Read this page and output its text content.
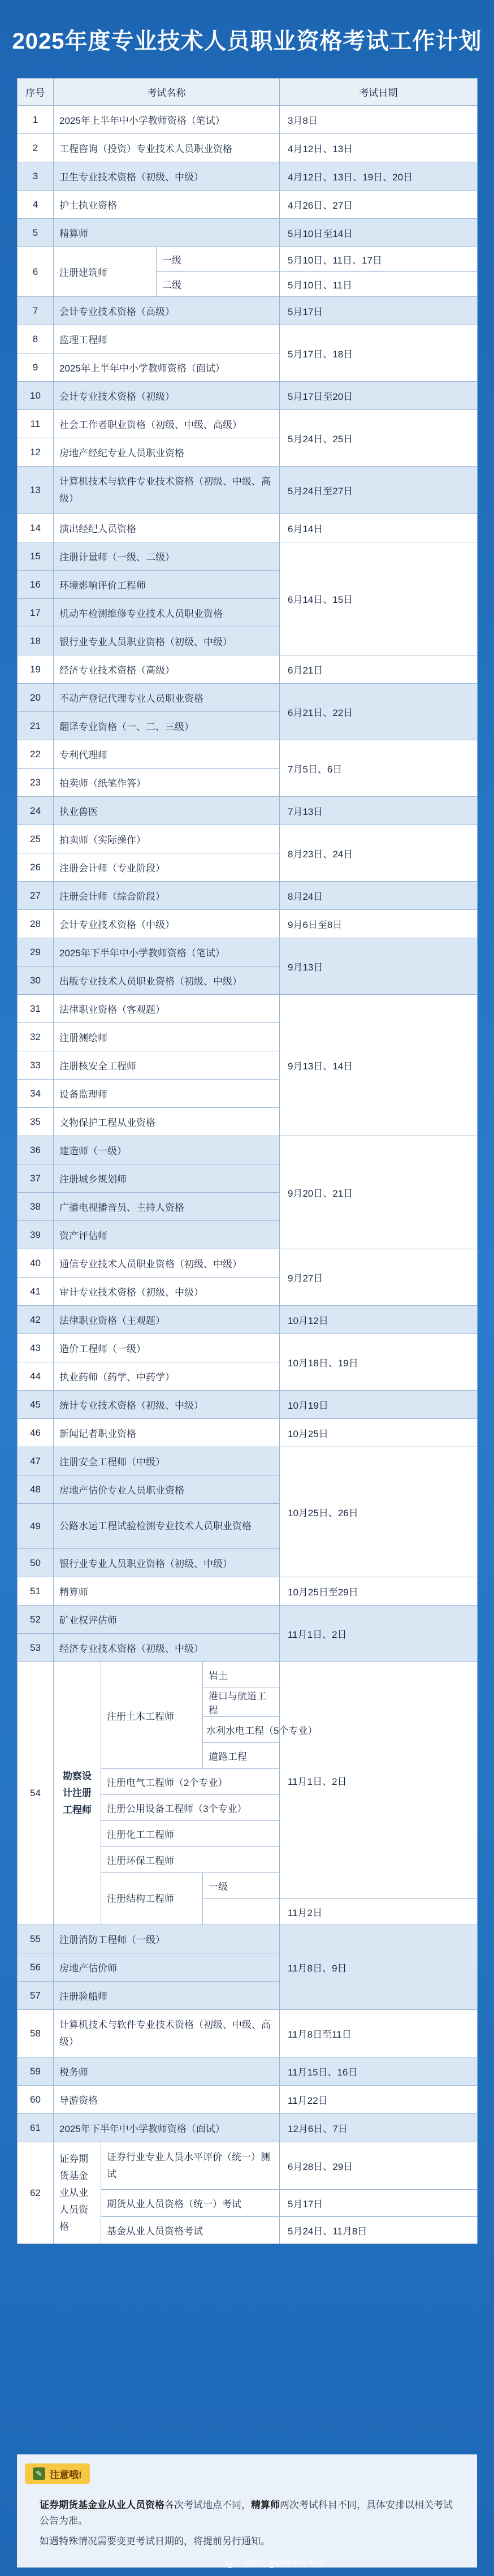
2025年度专业技术人员职业资格考试工作计划
序号	考试名称				考试日期
1	2025年上半年中小学教师资格（笔试）				3月8日
2	工程咨询（投资）专业技术人员职业资格				4月12日、13日
3	卫生专业技术资格（初级、中级）				4月12日、13日、19日、20日
4	护士执业资格				4月26日、27日
5	精算师				5月10日至14日
6	注册建筑师		一级		5月10日、11日、17日
			二级		5月10日、11日
7	会计专业技术资格（高级）				5月17日
8	监理工程师				5月17日、18日
9	2025年上半年中小学教师资格（面试）				
10	会计专业技术资格（初级）				5月17日至20日
11	社会工作者职业资格（初级、中级、高级）				5月24日、25日
12	房地产经纪专业人员职业资格				
13	计算机技术与软件专业技术资格（初级、中级、高级）				5月24日至27日
14	演出经纪人员资格				6月14日
15	注册计量师（一级、二级）				6月14日、15日
16	环境影响评价工程师				
17	机动车检测维修专业技术人员职业资格				
18	银行业专业人员职业资格（初级、中级）				
19	经济专业技术资格（高级）				6月21日
20	不动产登记代理专业人员职业资格				6月21日、22日
21	翻译专业资格（一、二、三级）				
22	专利代理师				7月5日、6日
23	拍卖师（纸笔作答）				
24	执业兽医				7月13日
25	拍卖师（实际操作）				8月23日、24日
26	注册会计师（专业阶段）				
27	注册会计师（综合阶段）				8月24日
28	会计专业技术资格（中级）				9月6日至8日
29	2025年下半年中小学教师资格（笔试）				9月13日
30	出版专业技术人员职业资格（初级、中级）				
31	法律职业资格（客观题）				9月13日、14日
32	注册测绘师				
33	注册核安全工程师				
34	设备监理师				
35	文物保护工程从业资格				
36	建造师（一级）				9月20日、21日
37	注册城乡规划师				
38	广播电视播音员、主持人资格				
39	资产评估师				
40	通信专业技术人员职业资格（初级、中级）				9月27日
41	审计专业技术资格（初级、中级）				
42	法律职业资格（主观题）				10月12日
43	造价工程师（一级）				10月18日、19日
44	执业药师（药学、中药学）				
45	统计专业技术资格（初级、中级）				10月19日
46	新闻记者职业资格				10月25日
47	注册安全工程师（中级）				10月25日、26日
48	房地产估价专业人员职业资格				
49	公路水运工程试验检测专业技术人员职业资格				
50	银行业专业人员职业资格（初级、中级）				
51	精算师				10月25日至29日
52	矿业权评估师				11月1日、2日
53	经济专业技术资格（初级、中级）				
54	勘察设计注册工程师	注册土木工程师		岩土	11月1日、2日
				港口与航道工程	
				水利水电工程（5个专业）	
				道路工程	
		注册电气工程师（2个专业）			
		注册公用设备工程师（3个专业）			
		注册化工工程师			
		注册环保工程师			
		注册结构工程师		一级	

					11月2日
55	注册消防工程师（一级）				11月8日、9日
56	房地产估价师				
57	注册验船师				
58	计算机技术与软件专业技术资格（初级、中级、高级）				11月8日至11日
59	税务师				11月15日、16日
60	导游资格				11月22日
61	2025年下半年中小学教师资格（面试）				12月6日、7日
62	证券期货基金业从业人员资格	证券行业专业人员水平评价（统一）测试			6月28日、29日
		期货从业人员资格（统一）考试			5月17日
		基金从业人员资格考试			5月24日、11月8日
✎ 注意哦!
证券期货基金业从业人员资格各次考试地点不同，精算师两次考试科目不同，具体安排以相关考试公告为准。
如遇特殊情况需要变更考试日期的，将提前另行通知。
@人事资讯 @微博教育考试
